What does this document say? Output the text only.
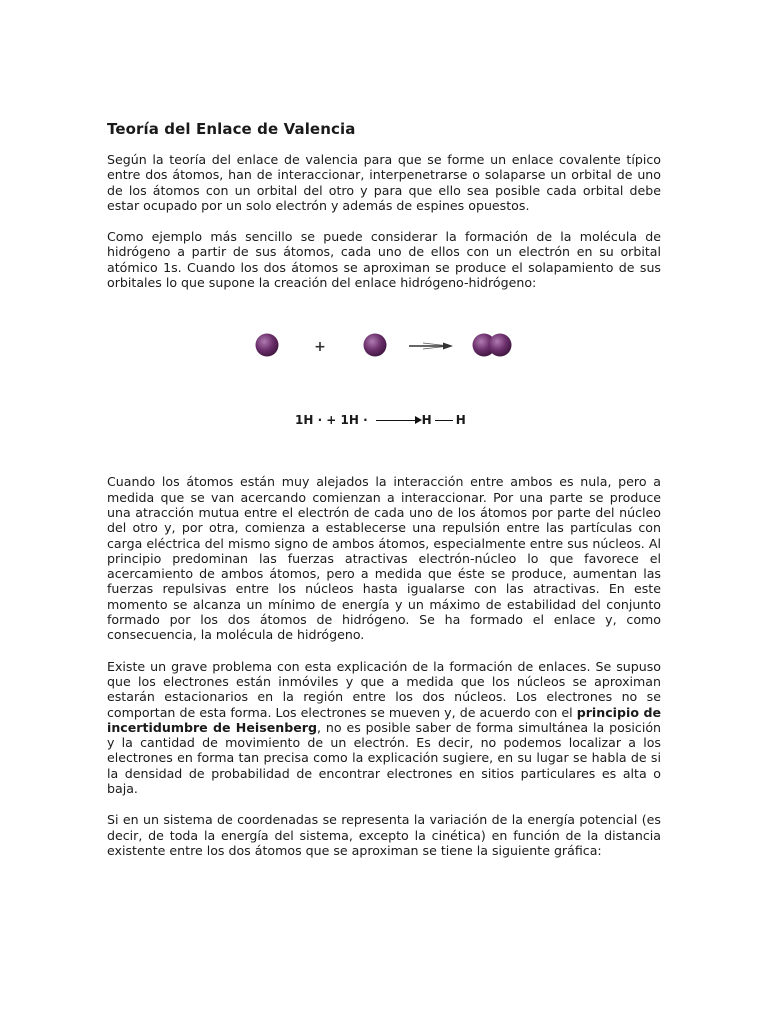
Teoría del Enlace de Valencia

Según la teoría del enlace de valencia para que se forme un enlace covalente típico entre dos átomos, han de interaccionar, interpenetrarse o solaparse un orbital de uno de los átomos con un orbital del otro y para que ello sea posible cada orbital debe estar ocupado por un solo electrón y además de espines opuestos.

Como ejemplo más sencillo se puede considerar la formación de la molécula de hidrógeno a partir de sus átomos, cada uno de ellos con un electrón en su orbital atómico 1s. Cuando los dos átomos se aproximan se produce el solapamiento de sus orbitales lo que supone la creación del enlace hidrógeno-hidrógeno:

+
1H · + 1H ·	H H

Cuando los átomos están muy alejados la interacción entre ambos es nula, pero a medida que se van acercando comienzan a interaccionar. Por una parte se produce una atracción mutua entre el electrón de cada uno de los átomos por parte del núcleo del otro y, por otra, comienza a establecerse una repulsión entre las partículas con carga eléctrica del mismo signo de ambos átomos, especialmente entre sus núcleos. Al principio predominan las fuerzas atractivas electrón-núcleo lo que favorece el acercamiento de ambos átomos, pero a medida que éste se produce, aumentan las fuerzas repulsivas entre los núcleos hasta igualarse con las atractivas. En este momento se alcanza un mínimo de energía y un máximo de estabilidad del conjunto formado por los dos átomos de hidrógeno. Se ha formado el enlace y, como consecuencia, la molécula de hidrógeno.

Existe un grave problema con esta explicación de la formación de enlaces. Se supuso que los electrones están inmóviles y que a medida que los núcleos se aproximan estarán estacionarios en la región entre los dos núcleos. Los electrones no se comportan de esta forma. Los electrones se mueven y, de acuerdo con el principio de incertidumbre de Heisenberg, no es posible saber de forma simultánea la posición y la cantidad de movimiento de un electrón. Es decir, no podemos localizar a los electrones en forma tan precisa como la explicación sugiere, en su lugar se habla de si la densidad de probabilidad de encontrar electrones en sitios particulares es alta o baja.

Si en un sistema de coordenadas se representa la variación de la energía potencial (es decir, de toda la energía del sistema, excepto la cinética) en función de la distancia existente entre los dos átomos que se aproximan se tiene la siguiente gráfica:
